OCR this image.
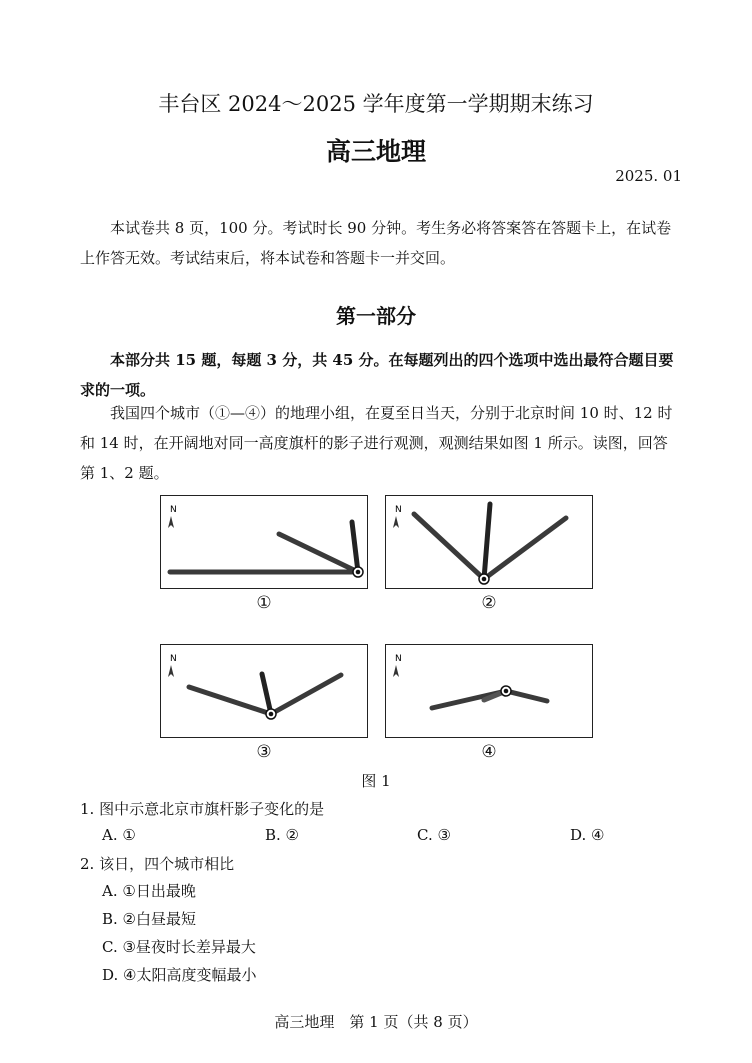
丰台区 2024～2025 学年度第一学期期末练习
高三地理
2025. 01
本试卷共 8 页，100 分。考试时长 90 分钟。考生务必将答案答在答题卡上，在试卷上作答无效。考试结束后，将本试卷和答题卡一并交回。
第一部分
本部分共 15 题，每题 3 分，共 45 分。在每题列出的四个选项中选出最符合题目要求的一项。
我国四个城市（①—④）的地理小组，在夏至日当天，分别于北京时间 10 时、12 时和 14 时，在开阔地对同一高度旗杆的影子进行观测，观测结果如图 1 所示。读图，回答第 1、2 题。
N
①
N
②
N
③
N
④
图 1
1. 图中示意北京市旗杆影子变化的是
A. ①	B. ②	C. ③	D. ④
2. 该日，四个城市相比
A. ①日出最晚
B. ②白昼最短
C. ③昼夜时长差异最大
D. ④太阳高度变幅最小
高三地理　第 1 页（共 8 页）
